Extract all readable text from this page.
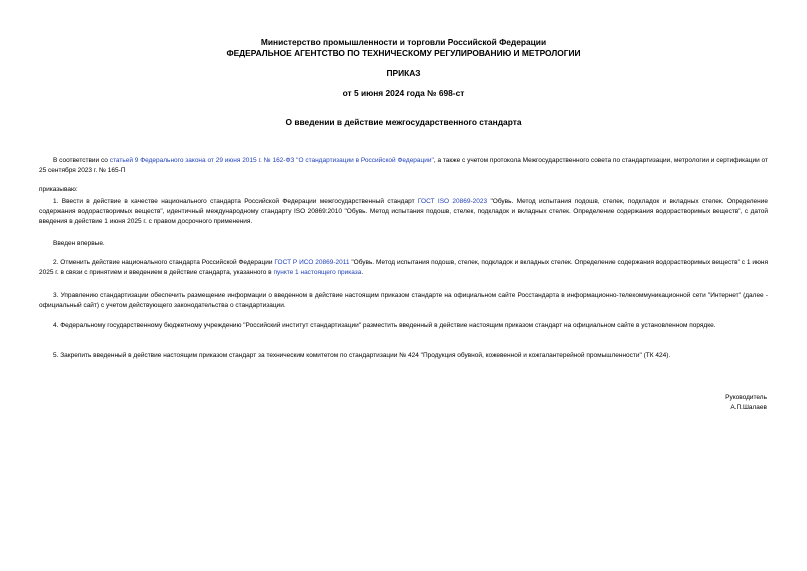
Министерство промышленности и торговли Российской Федерации
ФЕДЕРАЛЬНОЕ АГЕНТСТВО ПО ТЕХНИЧЕСКОМУ РЕГУЛИРОВАНИЮ И МЕТРОЛОГИИ
ПРИКАЗ
от 5 июня 2024 года № 698-ст
О введении в действие межгосударственного стандарта

В соответствии со статьей 9 Федерального закона от 29 июня 2015 г. № 162-ФЗ "О стандартизации в Российской Федерации", а также с учетом протокола Межгосударственного совета по стандартизации, метрологии и сертификации от 25 сентября 2023 г. № 165-П

приказываю:

1. Ввести в действие в качестве национального стандарта Российской Федерации межгосударственный стандарт ГОСТ ISO 20869-2023 "Обувь. Метод испытания подошв, стелек, подкладок и вкладных стелек. Определение содержания водорастворимых веществ", идентичный международному стандарту ISO 20869:2010 "Обувь. Метод испытания подошв, стелек, подкладок и вкладных стелек. Определение содержания водорастворимых веществ", с датой введения в действие 1 июня 2025 г. с правом досрочного применения.

Введен впервые.

2. Отменить действие национального стандарта Российской Федерации ГОСТ Р ИСО 20869-2011 "Обувь. Метод испытания подошв, стелек, подкладок и вкладных стелек. Определение содержания водорастворимых веществ" с 1 июня 2025 г. в связи с принятием и введением в действие стандарта, указанного в пункте 1 настоящего приказа.

3. Управлению стандартизации обеспечить размещение информации о введенном в действие настоящим приказом стандарте на официальном сайте Росстандарта в информационно-телекоммуникационной сети "Интернет" (далее - официальный сайт) с учетом действующего законодательства о стандартизации.

4. Федеральному государственному бюджетному учреждению "Российский институт стандартизации" разместить введенный в действие настоящим приказом стандарт на официальном сайте в установленном порядке.

5. Закрепить введенный в действие настоящим приказом стандарт за техническим комитетом по стандартизации № 424 "Продукция обувной, кожевенной и кожгалантерейной промышленности" (ТК 424).

Руководитель
А.П.Шалаев
